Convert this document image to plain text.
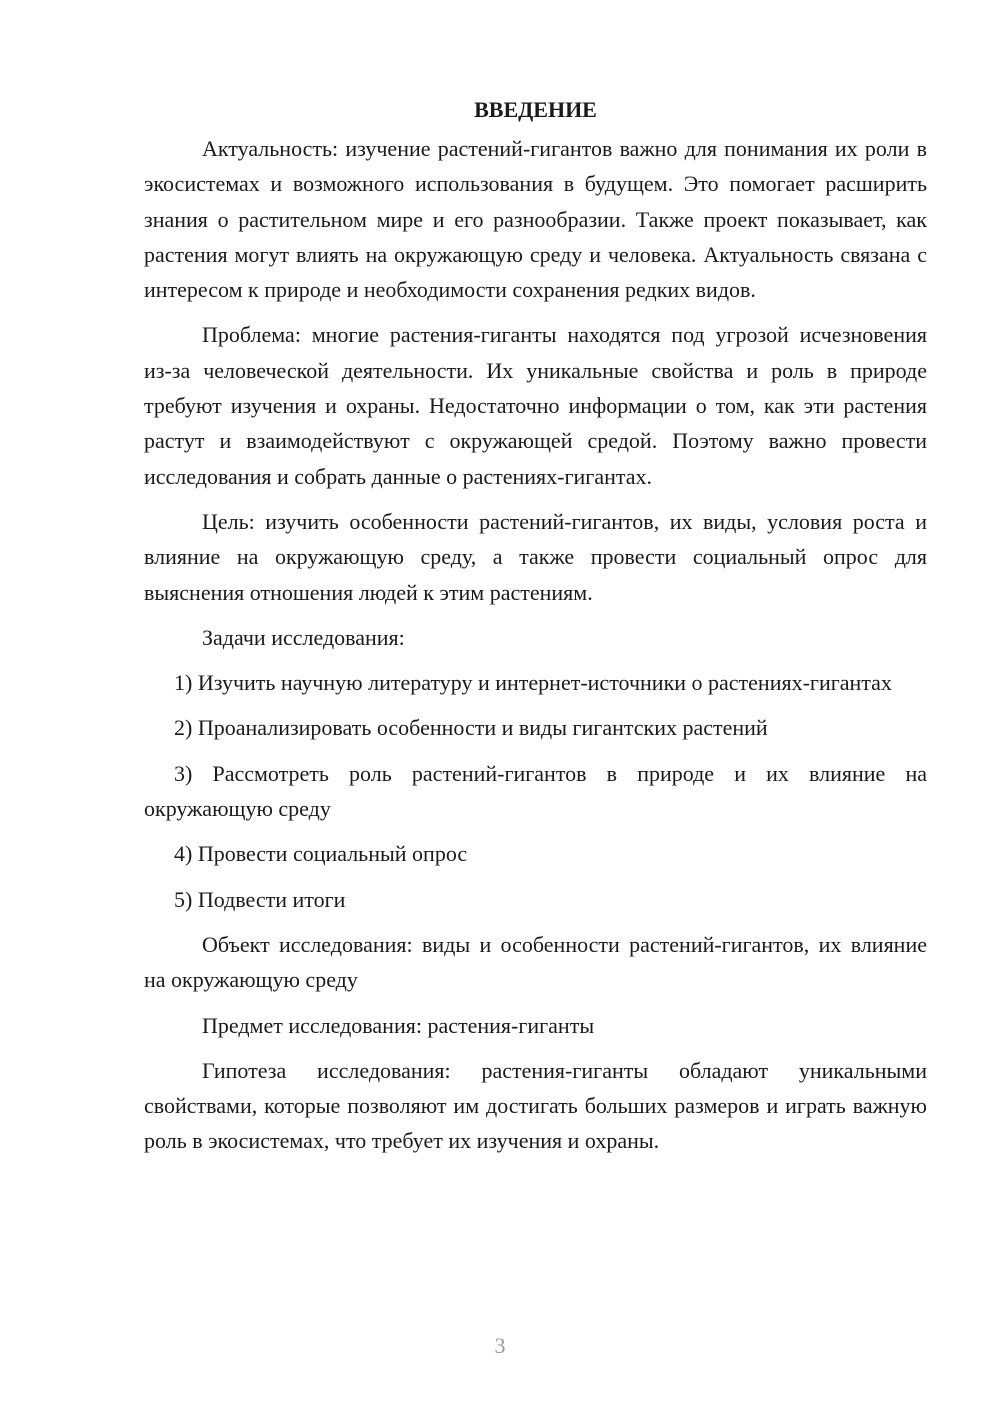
ВВЕДЕНИЕ

Актуальность: изучение растений-гигантов важно для понимания их роли в экосистемах и возможного использования в будущем. Это помогает расширить знания о растительном мире и его разнообразии. Также проект показывает, как растения могут влиять на окружающую среду и человека. Актуальность связана с интересом к природе и необходимости сохранения редких видов.

Проблема: многие растения-гиганты находятся под угрозой исчезновения из-за человеческой деятельности. Их уникальные свойства и роль в природе требуют изучения и охраны. Недостаточно информации о том, как эти растения растут и взаимодействуют с окружающей средой. Поэтому важно провести исследования и собрать данные о растениях-гигантах.

Цель: изучить особенности растений-гигантов, их виды, условия роста и влияние на окружающую среду, а также провести социальный опрос для выяснения отношения людей к этим растениям.

Задачи исследования:

1) Изучить научную литературу и интернет-источники о растениях-гигантах

2) Проанализировать особенности и виды гигантских растений

3) Рассмотреть роль растений-гигантов в природе и их влияние на окружающую среду

4) Провести социальный опрос

5) Подвести итоги

Объект исследования: виды и особенности растений-гигантов, их влияние на окружающую среду

Предмет исследования: растения-гиганты

Гипотеза исследования: растения-гиганты обладают уникальными свойствами, которые позволяют им достигать больших размеров и играть важную роль в экосистемах, что требует их изучения и охраны.

3
